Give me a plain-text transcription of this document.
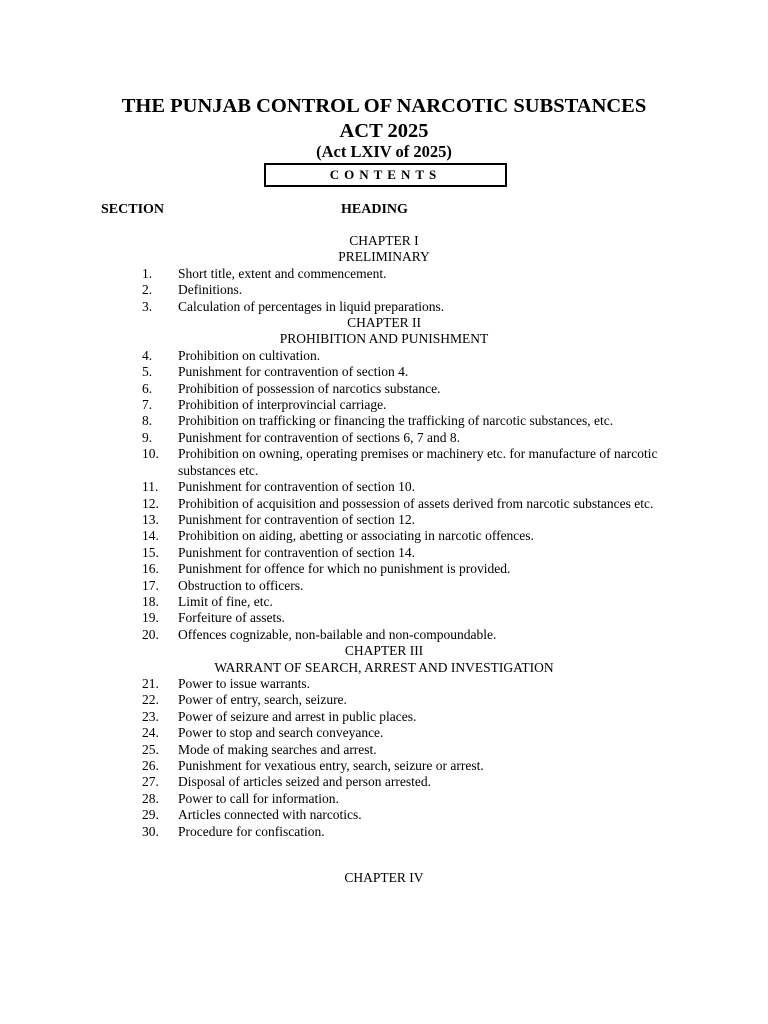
THE PUNJAB CONTROL OF NARCOTIC SUBSTANCES
ACT 2025
(Act LXIV of 2025)
CONTENTS
SECTION	HEADING
CHAPTER I
PRELIMINARY
1.	Short title, extent and commencement.
2.	Definitions.
3.	Calculation of percentages in liquid preparations.
CHAPTER II
PROHIBITION AND PUNISHMENT
4.	Prohibition on cultivation.
5.	Punishment for contravention of section 4.
6.	Prohibition of possession of narcotics substance.
7.	Prohibition of interprovincial carriage.
8.	Prohibition on trafficking or financing the trafficking of narcotic substances, etc.
9.	Punishment for contravention of sections 6, 7 and 8.
10.	Prohibition on owning, operating premises or machinery etc. for manufacture of narcotic substances etc.
11.	Punishment for contravention of section 10.
12.	Prohibition of acquisition and possession of assets derived from narcotic substances etc.
13.	Punishment for contravention of section 12.
14.	Prohibition on aiding, abetting or associating in narcotic offences.
15.	Punishment for contravention of section 14.
16.	Punishment for offence for which no punishment is provided.
17.	Obstruction to officers.
18.	Limit of fine, etc.
19.	Forfeiture of assets.
20.	Offences cognizable, non-bailable and non-compoundable.
CHAPTER III
WARRANT OF SEARCH, ARREST AND INVESTIGATION
21.	Power to issue warrants.
22.	Power of entry, search, seizure.
23.	Power of seizure and arrest in public places.
24.	Power to stop and search conveyance.
25.	Mode of making searches and arrest.
26.	Punishment for vexatious entry, search, seizure or arrest.
27.	Disposal of articles seized and person arrested.
28.	Power to call for information.
29.	Articles connected with narcotics.
30.	Procedure for confiscation.
CHAPTER IV
